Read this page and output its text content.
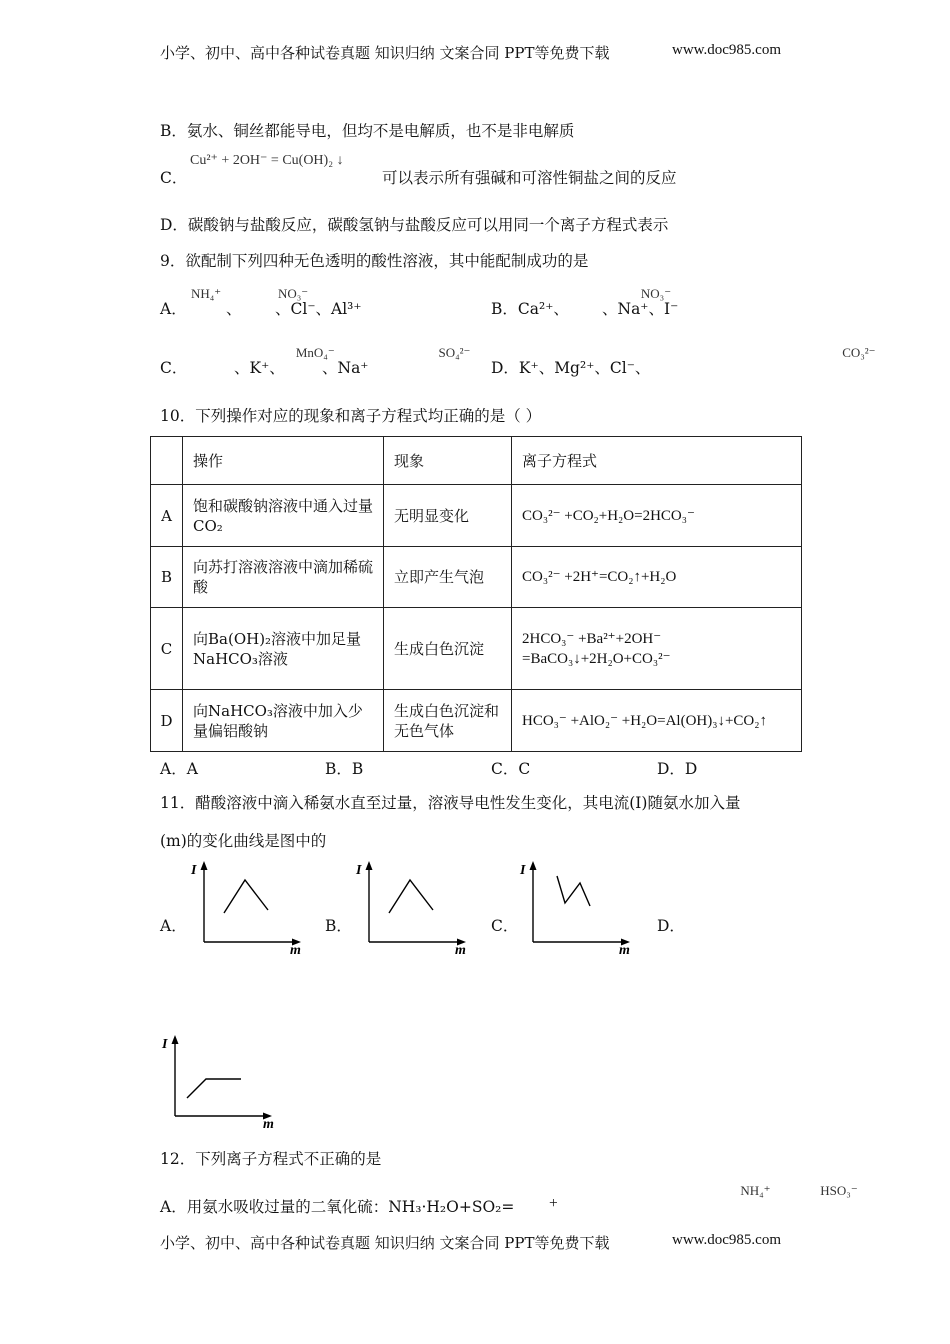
小学、初中、高中各种试卷真题 知识归纳 文案合同 PPT等免费下载	www.doc985.com
B．氨水、铜丝都能导电，但均不是电解质，也不是非电解质
C．
Cu²⁺ + 2OH⁻ = Cu(OH)₂ ↓
可以表示所有强碱和可溶性铜盐之间的反应
D．碳酸钠与盐酸反应，碳酸氢钠与盐酸反应可以用同一个离子方程式表示
9．欲配制下列四种无色透明的酸性溶液，其中能配制成功的是
A．
NH₄⁺
、
NO₃⁻
、Cl⁻、Al³⁺	B．Ca²⁺、
NO₃⁻
、Na⁺、I⁻
C．
MnO₄⁻
、K⁺、
SO₄²⁻
、Na⁺	D．K⁺、Mg²⁺、Cl⁻、
CO₃²⁻
10．下列操作对应的现象和离子方程式均正确的是（ ）
	操作	现象	离子方程式
A	饱和碳酸钠溶液中通入过量CO₂	无明显变化	CO₃²⁻ +CO₂+H₂O=2HCO₃⁻
B	向苏打溶液溶液中滴加稀硫酸	立即产生气泡	CO₃²⁻ +2H⁺=CO₂↑+H₂O
C	向Ba(OH)₂溶液中加足量NaHCO₃溶液	生成白色沉淀	2HCO₃⁻ +Ba²⁺+2OH⁻ =BaCO₃↓+2H₂O+CO₃²⁻
D	向NaHCO₃溶液中加入少量偏铝酸钠	生成白色沉淀和无色气体	HCO₃⁻ +AlO₂⁻ +H₂O=Al(OH)₃↓+CO₂↑
A．A	B．B	C．C	D．D
11．醋酸溶液中滴入稀氨水直至过量，溶液导电性发生变化，其电流(I)随氨水加入量
(m)的变化曲线是图中的
A．
I
m
B．
I
m
C．
I
m
D．
I
m
12．下列离子方程式不正确的是
A．用氨水吸收过量的二氧化硫：NH₃·H₂O+SO₂=
NH₄⁺
+
HSO₃⁻
小学、初中、高中各种试卷真题 知识归纳 文案合同 PPT等免费下载	www.doc985.com
